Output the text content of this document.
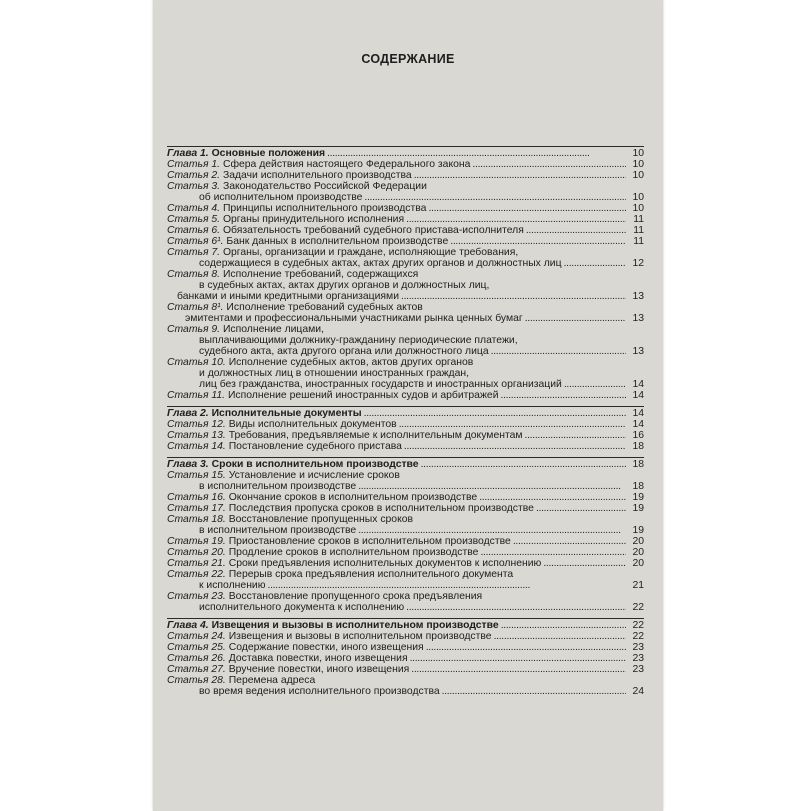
СОДЕРЖАНИЕ
Глава 1. Основные положения . . .	10
Статья 1. Сфера действия настоящего Федерального закона . . .	10
Статья 2. Задачи исполнительного производства . . .	10
Статья 3. Законодательство Российской Федерации
об исполнительном производстве . . .	10
Статья 4. Принципы исполнительного производства . . .	10
Статья 5. Органы принудительного исполнения . . .	11
Статья 6. Обязательность требований судебного пристава-исполнителя . . .	11
Статья 6¹. Банк данных в исполнительном производстве . . .	11
Статья 7. Органы, организации и граждане, исполняющие требования,
содержащиеся в судебных актах, актах других органов и должностных лиц . . .	12
Статья 8. Исполнение требований, содержащихся
в судебных актах, актах других органов и должностных лиц,
банками и иными кредитными организациями . . .	13
Статья 8¹. Исполнение требований судебных актов
эмитентами и профессиональными участниками рынка ценных бумаг . . .	13
Статья 9. Исполнение лицами,
выплачивающими должнику-гражданину периодические платежи,
судебного акта, акта другого органа или должностного лица . . .	13
Статья 10. Исполнение судебных актов, актов других органов
и должностных лиц в отношении иностранных граждан,
лиц без гражданства, иностранных государств и иностранных организаций . . .	14
Статья 11. Исполнение решений иностранных судов и арбитражей . . .	14
Глава 2. Исполнительные документы . . .	14
Статья 12. Виды исполнительных документов . . .	14
Статья 13. Требования, предъявляемые к исполнительным документам . . .	16
Статья 14. Постановление судебного пристава . . .	18
Глава 3. Сроки в исполнительном производстве . . .	18
Статья 15. Установление и исчисление сроков
в исполнительном производстве . . .	18
Статья 16. Окончание сроков в исполнительном производстве . . .	19
Статья 17. Последствия пропуска сроков в исполнительном производстве . . .	19
Статья 18. Восстановление пропущенных сроков
в исполнительном производстве . . .	19
Статья 19. Приостановление сроков в исполнительном производстве . . .	20
Статья 20. Продление сроков в исполнительном производстве . . .	20
Статья 21. Сроки предъявления исполнительных документов к исполнению . . .	20
Статья 22. Перерыв срока предъявления исполнительного документа
к исполнению . . .	21
Статья 23. Восстановление пропущенного срока предъявления
исполнительного документа к исполнению . . .	22
Глава 4. Извещения и вызовы в исполнительном производстве . . .	22
Статья 24. Извещения и вызовы в исполнительном производстве . . .	22
Статья 25. Содержание повестки, иного извещения . . .	23
Статья 26. Доставка повестки, иного извещения . . .	23
Статья 27. Вручение повестки, иного извещения . . .	23
Статья 28. Перемена адреса
во время ведения исполнительного производства . . .	24
